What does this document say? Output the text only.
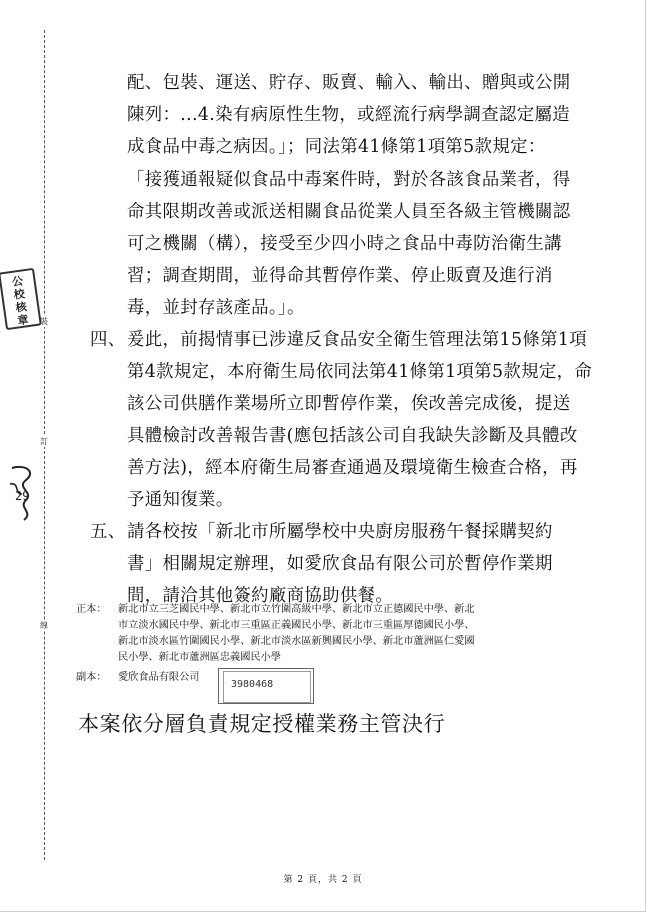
裝
訂
線
公
校
核
章
29
配、包裝、運送、貯存、販賣、輸入、輸出、贈與或公開
陳列：...4.染有病原性生物，或經流行病學調查認定屬造
成食品中毒之病因。」；同法第41條第1項第5款規定：
「接獲通報疑似食品中毒案件時，對於各該食品業者，得
命其限期改善或派送相關食品從業人員至各級主管機關認
可之機關（構），接受至少四小時之食品中毒防治衛生講
習；調查期間，並得命其暫停作業、停止販賣及進行消
毒，並封存該產品。」。
四、 爰此，前揭情事已涉違反食品安全衛生管理法第15條第1項
第4款規定，本府衛生局依同法第41條第1項第5款規定，命
該公司供膳作業場所立即暫停作業，俟改善完成後，提送
具體檢討改善報告書(應包括該公司自我缺失診斷及具體改
善方法)，經本府衛生局審查通過及環境衛生檢查合格，再
予通知復業。
五、 請各校按「新北市所屬學校中央廚房服務午餐採購契約
書」相關規定辦理，如愛欣食品有限公司於暫停作業期
間，請洽其他簽約廠商協助供餐。
正本： 新北市立三芝國民中學、新北市立竹圍高級中學、新北市立正德國民中學、新北
市立淡水國民中學、新北市三重區正義國民小學、新北市三重區厚德國民小學、
新北市淡水區竹圍國民小學、新北市淡水區新興國民小學、新北市蘆洲區仁愛國
民小學、新北市蘆洲區忠義國民小學
副本： 愛欣食品有限公司
3980468
本案依分層負責規定授權業務主管決行
第 2 頁，共 2 頁
